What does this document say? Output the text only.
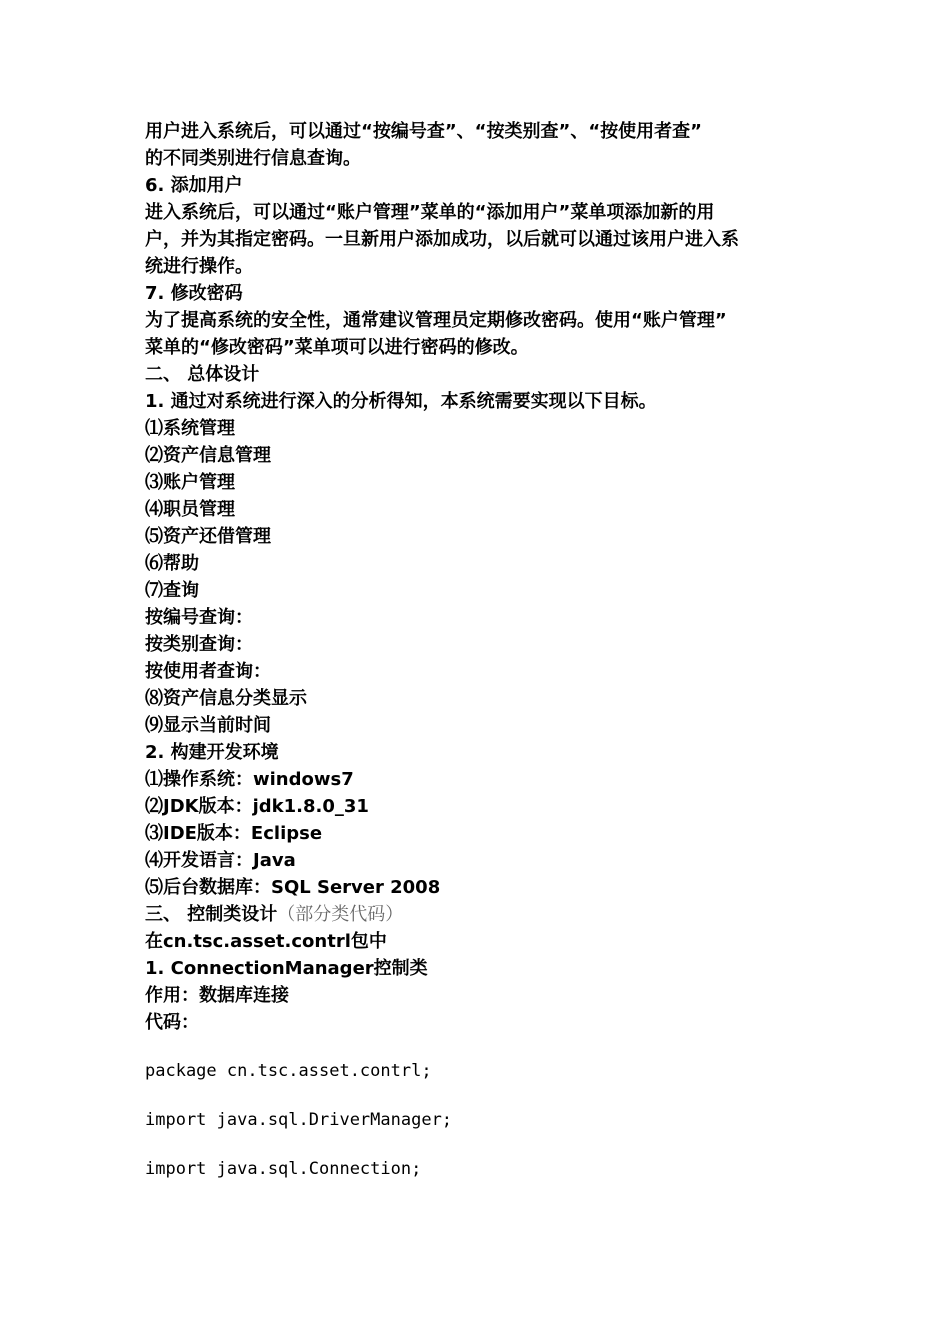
用户进入系统后，可以通过“按编号查”、“按类别查”、“按使用者查”
的不同类别进行信息查询。
6. 添加用户
进入系统后，可以通过“账户管理”菜单的“添加用户”菜单项添加新的用
户，并为其指定密码。一旦新用户添加成功，以后就可以通过该用户进入系
统进行操作。
7. 修改密码
为了提高系统的安全性，通常建议管理员定期修改密码。使用“账户管理”
菜单的“修改密码”菜单项可以进行密码的修改。
二、 总体设计
1. 通过对系统进行深入的分析得知，本系统需要实现以下目标。
⑴系统管理
⑵资产信息管理
⑶账户管理
⑷职员管理
⑸资产还借管理
⑹帮助
⑺查询
按编号查询：
按类别查询：
按使用者查询：
⑻资产信息分类显示
⑼显示当前时间
2. 构建开发环境
⑴操作系统：windows7
⑵JDK版本：jdk1.8.0_31
⑶IDE版本：Eclipse
⑷开发语言：Java
⑸后台数据库：SQL Server 2008
三、 控制类设计（部分类代码）
在cn.tsc.asset.contrl包中
1. ConnectionManager控制类
作用：数据库连接
代码：
package cn.tsc.asset.contrl;
import java.sql.DriverManager;
import java.sql.Connection;
